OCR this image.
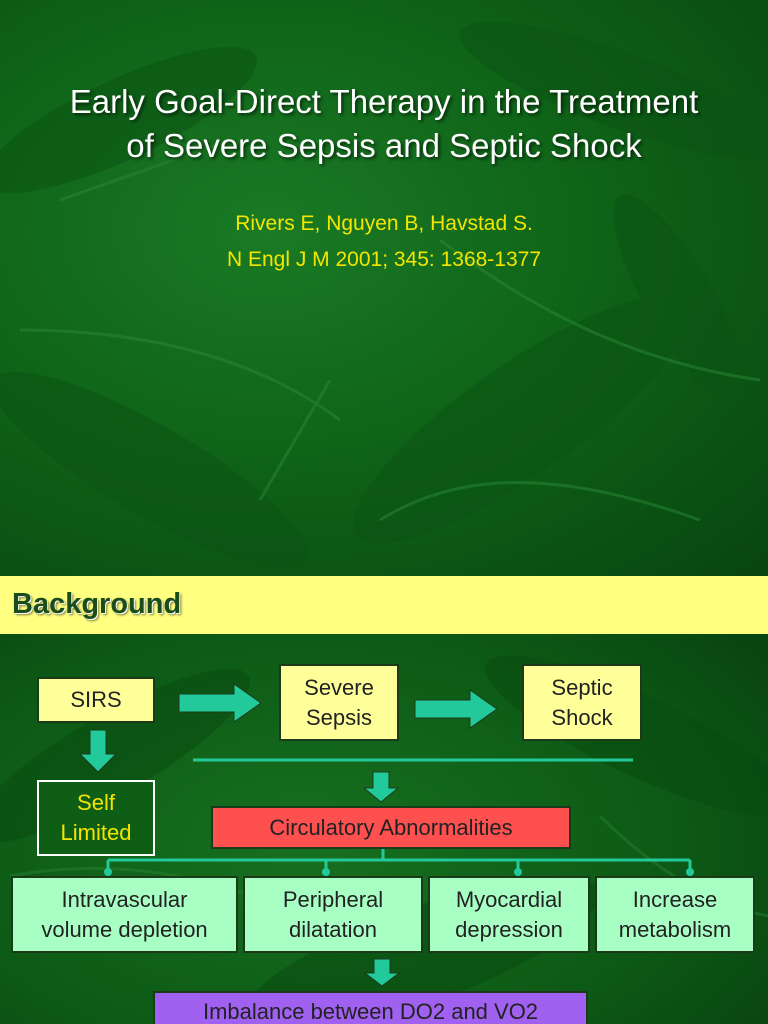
Early Goal-Direct Therapy in the Treatment
of Severe Sepsis and Septic Shock
Rivers E, Nguyen B, Havstad S.
N Engl J M 2001; 345: 1368-1377
Background
SIRS	Severe
Sepsis
Septic
Shock
Self
Limited	Circulatory Abnormalities
Intravascular
volume depletion
Peripheral
dilatation
Myocardial
depression
Increase
metabolism
Imbalance between DO2 and VO2
